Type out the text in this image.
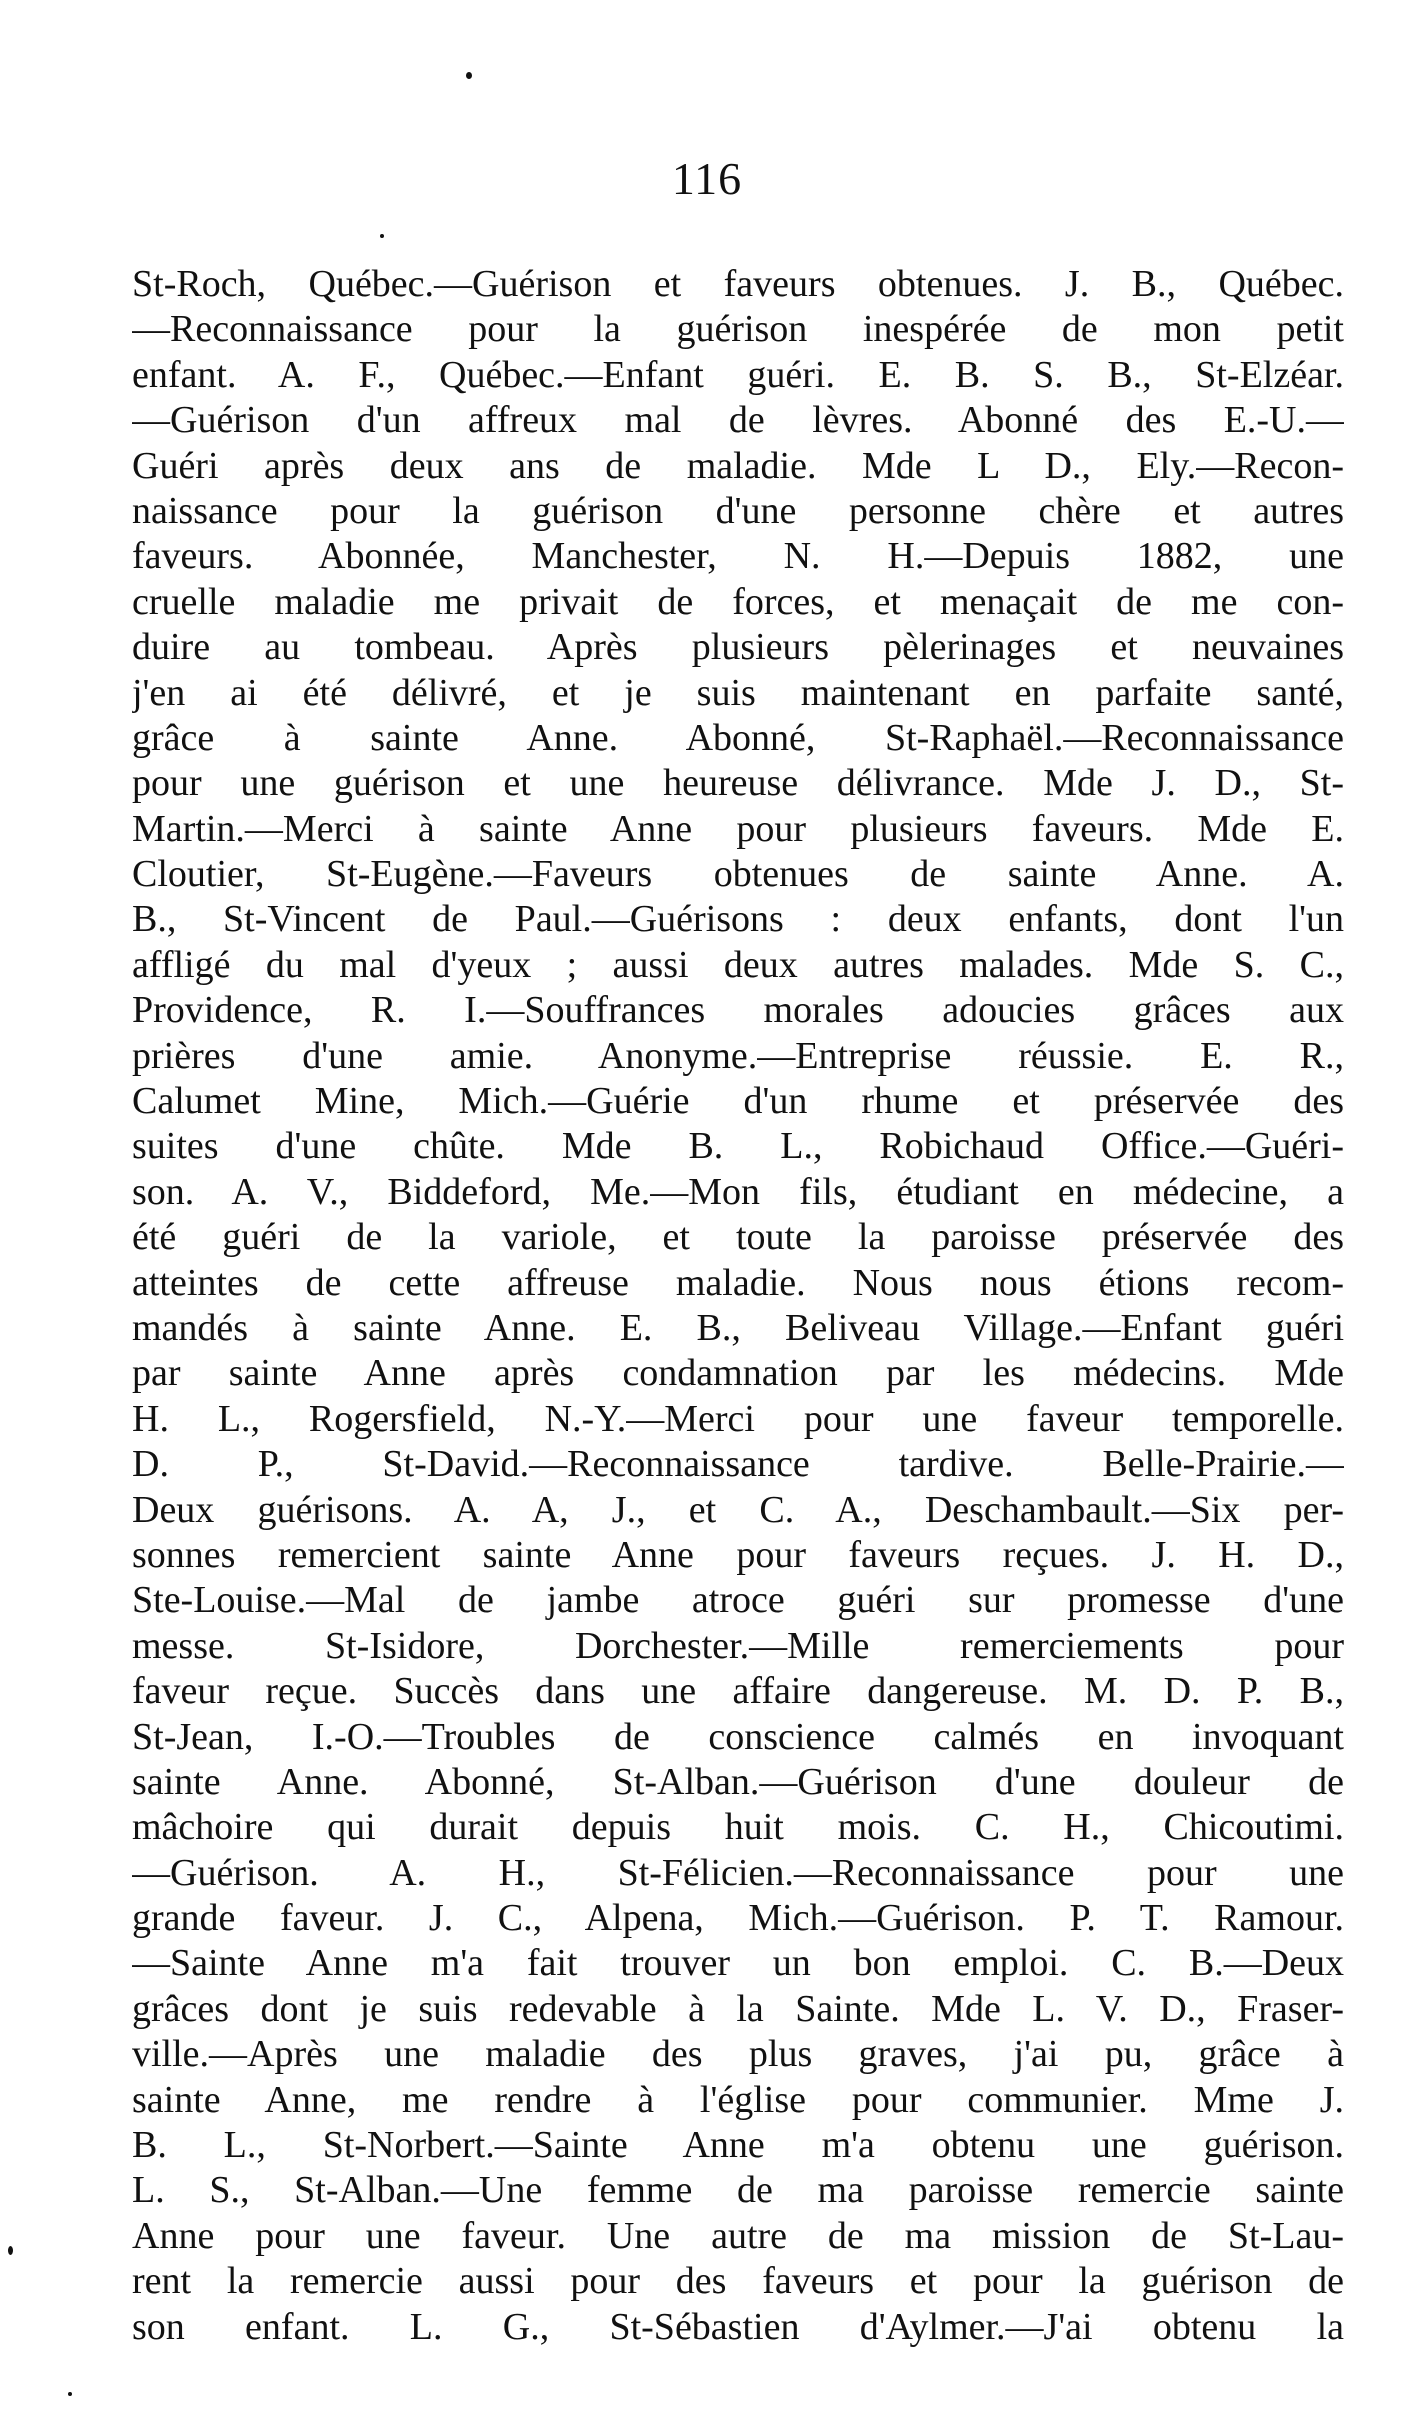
116
St-Roch, Québec.—Guérison et faveurs obtenues. J. B., Québec.
—Reconnaissance pour la guérison inespérée de mon petit
enfant. A. F., Québec.—Enfant guéri. E. B. S. B., St-Elzéar.
—Guérison d'un affreux mal de lèvres. Abonné des E.-U.—
Guéri après deux ans de maladie. Mde L D., Ely.—Recon-
naissance pour la guérison d'une personne chère et autres
faveurs. Abonnée, Manchester, N. H.—Depuis 1882, une
cruelle maladie me privait de forces, et menaçait de me con-
duire au tombeau. Après plusieurs pèlerinages et neuvaines
j'en ai été délivré, et je suis maintenant en parfaite santé,
grâce à sainte Anne. Abonné, St-Raphaël.—Reconnaissance
pour une guérison et une heureuse délivrance. Mde J. D., St-
Martin.—Merci à sainte Anne pour plusieurs faveurs. Mde E.
Cloutier, St-Eugène.—Faveurs obtenues de sainte Anne. A.
B., St-Vincent de Paul.—Guérisons : deux enfants, dont l'un
affligé du mal d'yeux ; aussi deux autres malades. Mde S. C.,
Providence, R. I.—Souffrances morales adoucies grâces aux
prières d'une amie. Anonyme.—Entreprise réussie. E. R.,
Calumet Mine, Mich.—Guérie d'un rhume et préservée des
suites d'une chûte. Mde B. L., Robichaud Office.—Guéri-
son. A. V., Biddeford, Me.—Mon fils, étudiant en médecine, a
été guéri de la variole, et toute la paroisse préservée des
atteintes de cette affreuse maladie. Nous nous étions recom-
mandés à sainte Anne. E. B., Beliveau Village.—Enfant guéri
par sainte Anne après condamnation par les médecins. Mde
H. L., Rogersfield, N.-Y.—Merci pour une faveur temporelle.
D. P., St-David.—Reconnaissance tardive. Belle-Prairie.—
Deux guérisons. A. A, J., et C. A., Deschambault.—Six per-
sonnes remercient sainte Anne pour faveurs reçues. J. H. D.,
Ste-Louise.—Mal de jambe atroce guéri sur promesse d'une
messe. St-Isidore, Dorchester.—Mille remerciements pour
faveur reçue. Succès dans une affaire dangereuse. M. D. P. B.,
St-Jean, I.-O.—Troubles de conscience calmés en invoquant
sainte Anne. Abonné, St-Alban.—Guérison d'une douleur de
mâchoire qui durait depuis huit mois. C. H., Chicoutimi.
—Guérison. A. H., St-Félicien.—Reconnaissance pour une
grande faveur. J. C., Alpena, Mich.—Guérison. P. T. Ramour.
—Sainte Anne m'a fait trouver un bon emploi. C. B.—Deux
grâces dont je suis redevable à la Sainte. Mde L. V. D., Fraser-
ville.—Après une maladie des plus graves, j'ai pu, grâce à
sainte Anne, me rendre à l'église pour communier. Mme J.
B. L., St-Norbert.—Sainte Anne m'a obtenu une guérison.
L. S., St-Alban.—Une femme de ma paroisse remercie sainte
Anne pour une faveur. Une autre de ma mission de St-Lau-
rent la remercie aussi pour des faveurs et pour la guérison de
son enfant. L. G., St-Sébastien d'Aylmer.—J'ai obtenu la
